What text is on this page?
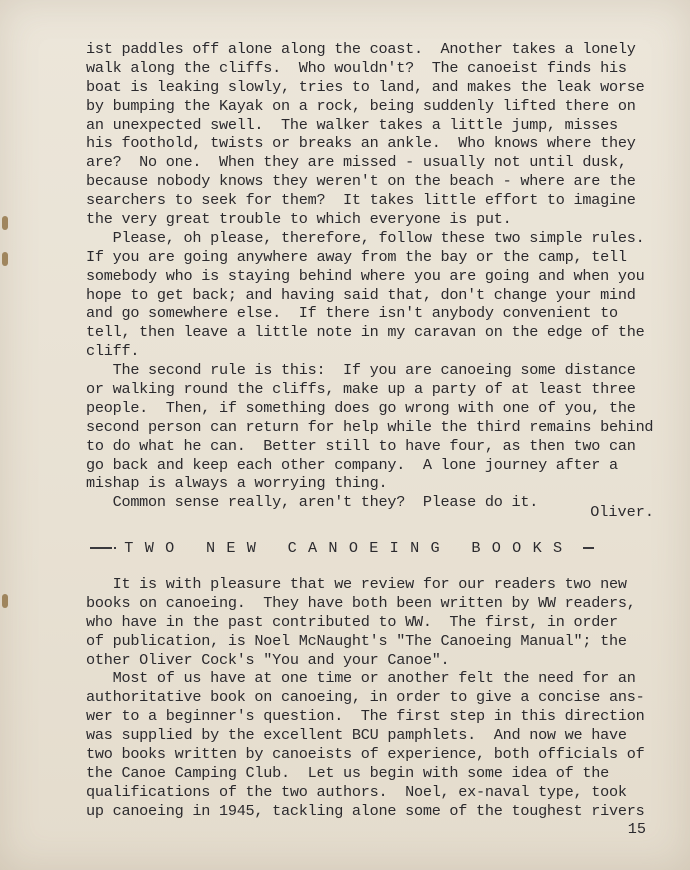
ist paddles off alone along the coast.  Another takes a lonely
walk along the cliffs.  Who wouldn't?  The canoeist finds his
boat is leaking slowly, tries to land, and makes the leak worse
by bumping the Kayak on a rock, being suddenly lifted there on
an unexpected swell.  The walker takes a little jump, misses
his foothold, twists or breaks an ankle.  Who knows where they
are?  No one.  When they are missed - usually not until dusk,
because nobody knows they weren't on the beach - where are the
searchers to seek for them?  It takes little effort to imagine
the very great trouble to which everyone is put.
Please, oh please, therefore, follow these two simple rules.
If you are going anywhere away from the bay or the camp, tell
somebody who is staying behind where you are going and when you
hope to get back; and having said that, don't change your mind
and go somewhere else.  If there isn't anybody convenient to
tell, then leave a little note in my caravan on the edge of the
cliff.
The second rule is this:  If you are canoeing some distance
or walking round the cliffs, make up a party of at least three
people.  Then, if something does go wrong with one of you, the
second person can return for help while the third remains behind
to do what he can.  Better still to have four, as then two can
go back and keep each other company.  A lone journey after a
mishap is always a worrying thing.
Common sense really, aren't they?  Please do it.
Oliver.
TWO NEW CANOEING BOOKS
It is with pleasure that we review for our readers two new
books on canoeing.  They have both been written by WW readers,
who have in the past contributed to WW.  The first, in order
of publication, is Noel McNaught's "The Canoeing Manual"; the
other Oliver Cock's "You and your Canoe".
Most of us have at one time or another felt the need for an
authoritative book on canoeing, in order to give a concise ans-
wer to a beginner's question.  The first step in this direction
was supplied by the excellent BCU pamphlets.  And now we have
two books written by canoeists of experience, both officials of
the Canoe Camping Club.  Let us begin with some idea of the
qualifications of the two authors.  Noel, ex-naval type, took
up canoeing in 1945, tackling alone some of the toughest rivers
15
